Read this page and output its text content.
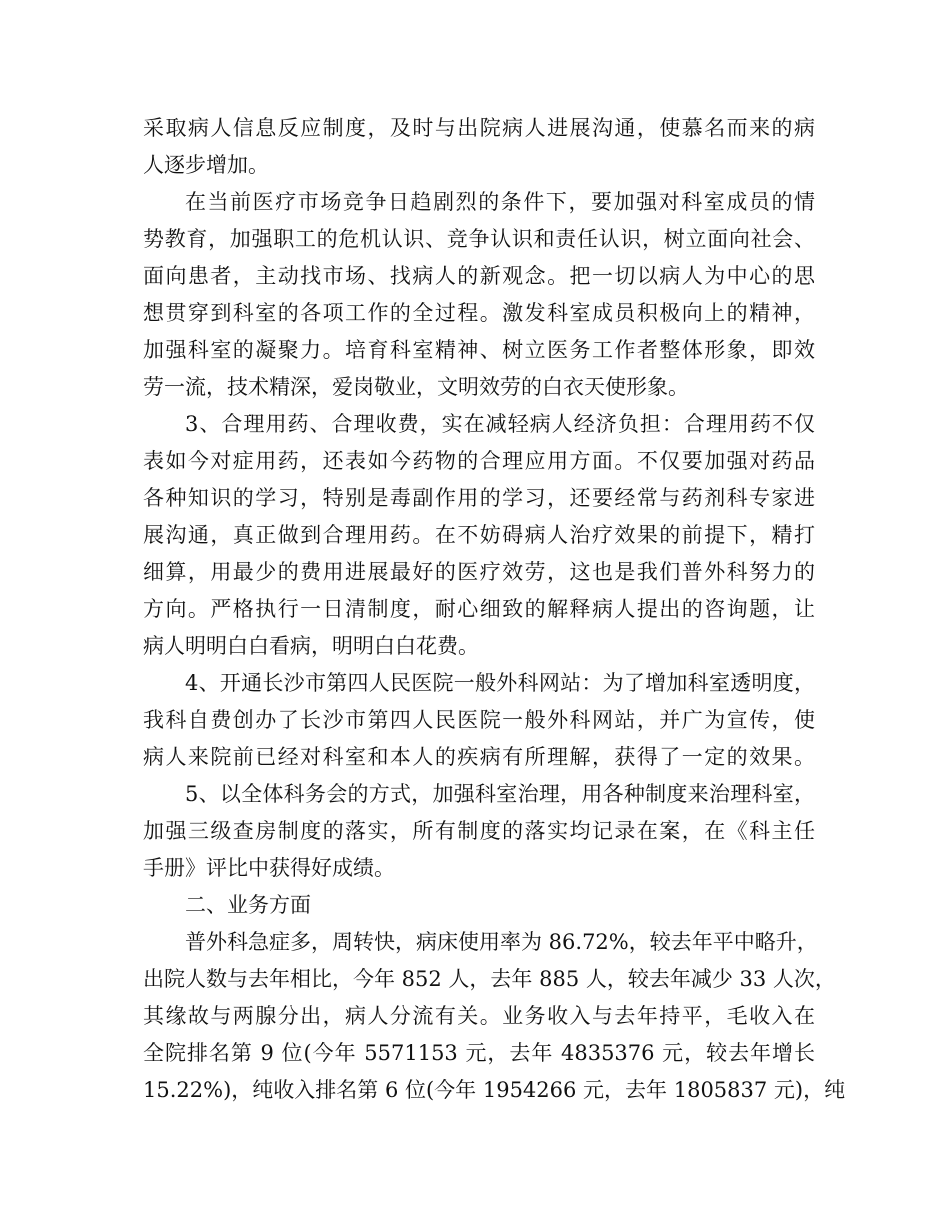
采取病人信息反应制度，及时与出院病人进展沟通，使慕名而来的病
人逐步增加。
在当前医疗市场竞争日趋剧烈的条件下，要加强对科室成员的情
势教育，加强职工的危机认识、竞争认识和责任认识，树立面向社会、
面向患者，主动找市场、找病人的新观念。把一切以病人为中心的思
想贯穿到科室的各项工作的全过程。激发科室成员积极向上的精神，
加强科室的凝聚力。培育科室精神、树立医务工作者整体形象，即效
劳一流，技术精深，爱岗敬业，文明效劳的白衣天使形象。
3、合理用药、合理收费，实在减轻病人经济负担：合理用药不仅
表如今对症用药，还表如今药物的合理应用方面。不仅要加强对药品
各种知识的学习，特别是毒副作用的学习，还要经常与药剂科专家进
展沟通，真正做到合理用药。在不妨碍病人治疗效果的前提下，精打
细算，用最少的费用进展最好的医疗效劳，这也是我们普外科努力的
方向。严格执行一日清制度，耐心细致的解释病人提出的咨询题，让
病人明明白白看病，明明白白花费。
4、开通长沙市第四人民医院一般外科网站：为了增加科室透明度，
我科自费创办了长沙市第四人民医院一般外科网站，并广为宣传，使
病人来院前已经对科室和本人的疾病有所理解，获得了一定的效果。
5、以全体科务会的方式，加强科室治理，用各种制度来治理科室，
加强三级查房制度的落实，所有制度的落实均记录在案，在《科主任
手册》评比中获得好成绩。
二、业务方面
普外科急症多，周转快，病床使用率为 86.72%，较去年平中略升，
出院人数与去年相比，今年 852 人，去年 885 人，较去年减少 33 人次，
其缘故与两腺分出，病人分流有关。业务收入与去年持平，毛收入在
全院排名第 9 位(今年 5571153 元，去年 4835376 元，较去年增长
15.22%)，纯收入排名第 6 位(今年 1954266 元，去年 1805837 元)，纯
